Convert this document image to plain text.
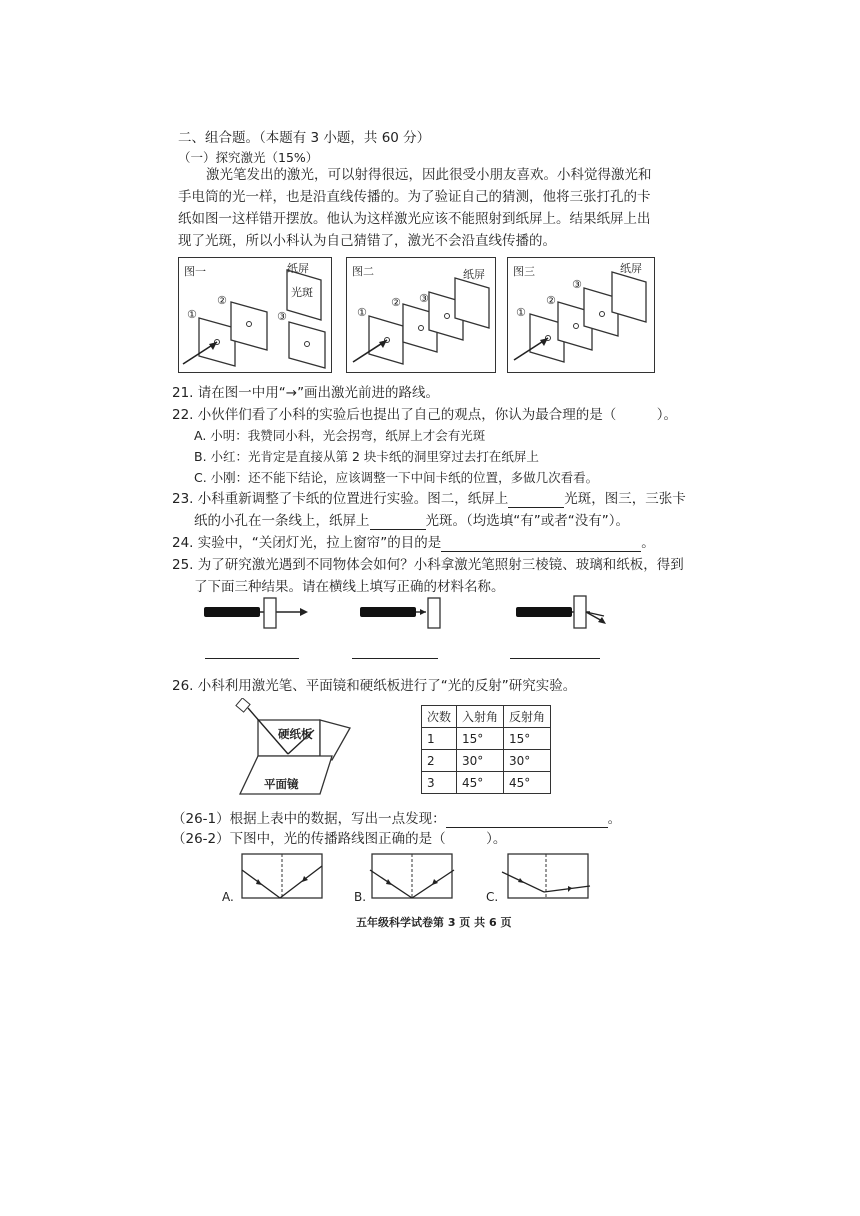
二、组合题。（本题有 3 小题，共 60 分）
（一）探究激光（15%）
激光笔发出的激光，可以射得很远，因此很受小朋友喜欢。小科觉得激光和手电筒的光一样，也是沿直线传播的。为了验证自己的猜测，他将三张打孔的卡纸如图一这样错开摆放。他认为这样激光应该不能照射到纸屏上。结果纸屏上出现了光斑，所以小科认为自己猜错了，激光不会沿直线传播的。
图一	纸屏
光斑
①
②
③
图二	纸屏
①
② ③
图三	纸屏
①
②
③
21. 请在图一中用“→”画出激光前进的路线。
22. 小伙伴们看了小科的实验后也提出了自己的观点，你认为最合理的是（　　　）。
A. 小明：我赞同小科，光会拐弯，纸屏上才会有光斑
B. 小红：光肯定是直接从第 2 块卡纸的洞里穿过去打在纸屏上
C. 小刚：还不能下结论，应该调整一下中间卡纸的位置，多做几次看看。
23. 小科重新调整了卡纸的位置进行实验。图二，纸屏上	光斑，图三，三张卡
纸的小孔在一条线上，纸屏上	光斑。（均选填“有”或者“没有”）。
24. 实验中，“关闭灯光，拉上窗帘”的目的是	。
25. 为了研究激光遇到不同物体会如何？小科拿激光笔照射三棱镜、玻璃和纸板，得到
了下面三种结果。请在横线上填写正确的材料名称。
26. 小科利用激光笔、平面镜和硬纸板进行了“光的反射”研究实验。
硬纸板
平面镜
次数	入射角	反射角
1	15°	15°
2	30°	30°
3	45°	45°
（26-1）根据上表中的数据，写出一点发现：	。
（26-2）下图中，光的传播路线图正确的是（　　　）。
A.	B.	C.
五年级科学试卷第 3 页 共 6 页
